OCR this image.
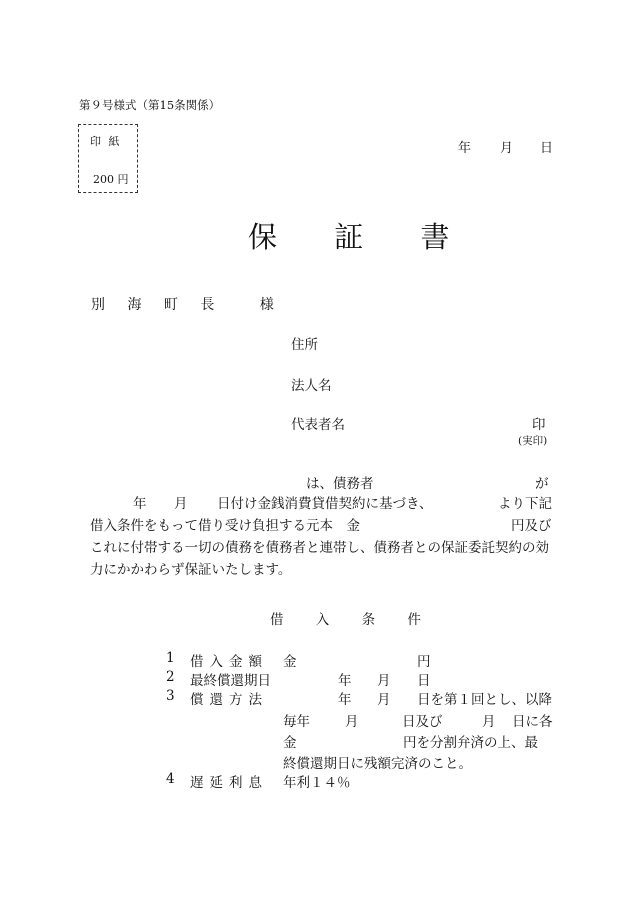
第９号様式（第15条関係）
印 紙
200 円
年 月 日
保 証 書
別 海 町 長　 様
住所
法人名
代表者名	印
(実印)
は、債務者	が
年 月 日付け金銭消費貸借契約に基づき、	より下記
借入条件をもって借り受け負担する元本　金	円及び
これに付帯する一切の債務を債務者と連帯し、債務者との保証委託契約の効
力にかかわらず保証いたします。
借 入 条 件
1 借入金額 金	円
2 最終償還期日	年 月 日
3 償還方法	年 月 日を第１回とし、以降
毎年	月	日及び	月 日に各
金	円を分割弁済の上、最
終償還期日に残額完済のこと。
4 遅延利息 年利１４％
